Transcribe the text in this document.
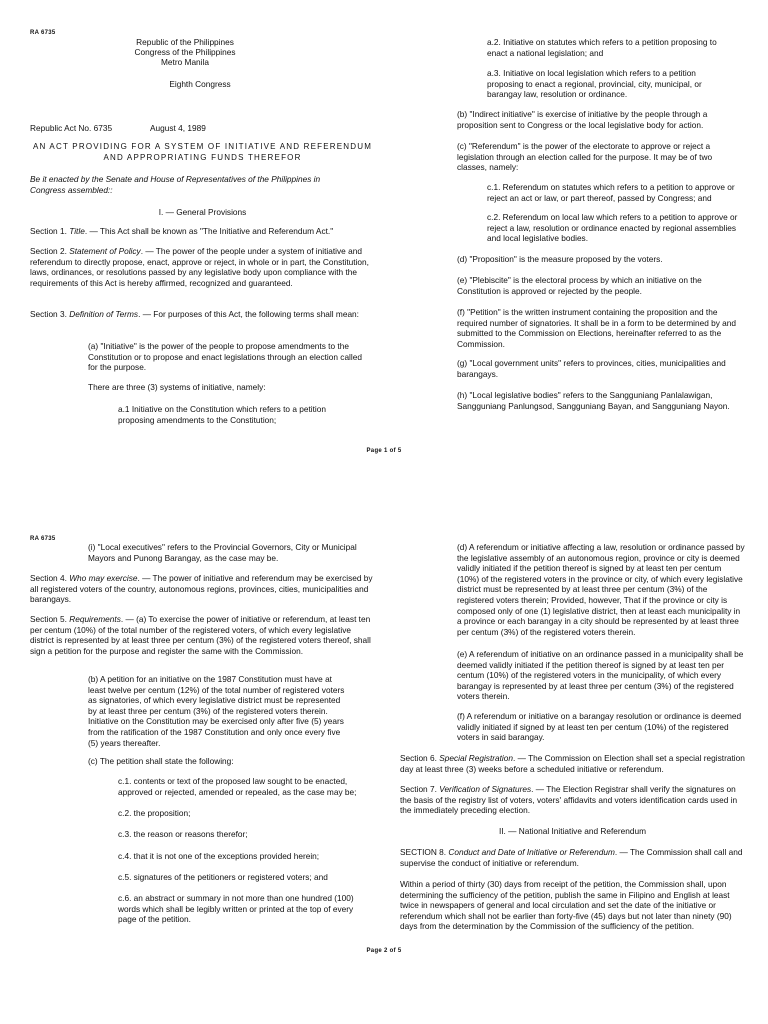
RA 6735
Republic of the Philippines
Congress of the Philippines
Metro Manila
Eighth Congress
Republic Act No. 6735	August 4, 1989
AN ACT PROVIDING FOR A SYSTEM OF INITIATIVE AND REFERENDUM AND APPROPRIATING FUNDS THEREFOR
Be it enacted by the Senate and House of Representatives of the Philippines in Congress assembled::
I. — General Provisions
Section 1. Title. — This Act shall be known as "The Initiative and Referendum Act."
Section 2. Statement of Policy. — The power of the people under a system of initiative and referendum to directly propose, enact, approve or reject, in whole or in part, the Constitution, laws, ordinances, or resolutions passed by any legislative body upon compliance with the requirements of this Act is hereby affirmed, recognized and guaranteed.
Section 3. Definition of Terms. — For purposes of this Act, the following terms shall mean:
(a) "Initiative" is the power of the people to propose amendments to the Constitution or to propose and enact legislations through an election called for the purpose.
There are three (3) systems of initiative, namely:
a.1 Initiative on the Constitution which refers to a petition proposing amendments to the Constitution;
a.2. Initiative on statutes which refers to a petition proposing to enact a national legislation; and
a.3. Initiative on local legislation which refers to a petition proposing to enact a regional, provincial, city, municipal, or barangay law, resolution or ordinance.
(b) "Indirect initiative" is exercise of initiative by the people through a proposition sent to Congress or the local legislative body for action.
(c) "Referendum" is the power of the electorate to approve or reject a legislation through an election called for the purpose. It may be of two classes, namely:
c.1. Referendum on statutes which refers to a petition to approve or reject an act or law, or part thereof, passed by Congress; and
c.2. Referendum on local law which refers to a petition to approve or reject a law, resolution or ordinance enacted by regional assemblies and local legislative bodies.
(d) "Proposition" is the measure proposed by the voters.
(e) "Plebiscite" is the electoral process by which an initiative on the Constitution is approved or rejected by the people.
(f) "Petition" is the written instrument containing the proposition and the required number of signatories. It shall be in a form to be determined by and submitted to the Commission on Elections, hereinafter referred to as the Commission.
(g) "Local government units" refers to provinces, cities, municipalities and barangays.
(h) "Local legislative bodies" refers to the Sangguniang Panlalawigan, Sangguniang Panlungsod, Sangguniang Bayan, and Sangguniang Nayon.
Page 1 of 5
RA 6735
(i) "Local executives" refers to the Provincial Governors, City or Municipal Mayors and Punong Barangay, as the case may be.
Section 4. Who may exercise. — The power of initiative and referendum may be exercised by all registered voters of the country, autonomous regions, provinces, cities, municipalities and barangays.
Section 5. Requirements. — (a) To exercise the power of initiative or referendum, at least ten per centum (10%) of the total number of the registered voters, of which every legislative district is represented by at least three per centum (3%) of the registered voters thereof, shall sign a petition for the purpose and register the same with the Commission.
(b) A petition for an initiative on the 1987 Constitution must have at least twelve per centum (12%) of the total number of registered voters as signatories, of which every legislative district must be represented by at least three per centum (3%) of the registered voters therein. Initiative on the Constitution may be exercised only after five (5) years from the ratification of the 1987 Constitution and only once every five (5) years thereafter.
(c) The petition shall state the following:
c.1. contents or text of the proposed law sought to be enacted, approved or rejected, amended or repealed, as the case may be;
c.2. the proposition;
c.3. the reason or reasons therefor;
c.4. that it is not one of the exceptions provided herein;
c.5. signatures of the petitioners or registered voters; and
c.6. an abstract or summary in not more than one hundred (100) words which shall be legibly written or printed at the top of every page of the petition.
(d) A referendum or initiative affecting a law, resolution or ordinance passed by the legislative assembly of an autonomous region, province or city is deemed validly initiated if the petition thereof is signed by at least ten per centum (10%) of the registered voters in the province or city, of which every legislative district must be represented by at least three per centum (3%) of the registered voters therein; Provided, however, That if the province or city is composed only of one (1) legislative district, then at least each municipality in a province or each barangay in a city should be represented by at least three per centum (3%) of the registered voters therein.
(e) A referendum of initiative on an ordinance passed in a municipality shall be deemed validly initiated if the petition thereof is signed by at least ten per centum (10%) of the registered voters in the municipality, of which every barangay is represented by at least three per centum (3%) of the registered voters therein.
(f) A referendum or initiative on a barangay resolution or ordinance is deemed validly initiated if signed by at least ten per centum (10%) of the registered voters in said barangay.
Section 6. Special Registration. — The Commission on Election shall set a special registration day at least three (3) weeks before a scheduled initiative or referendum.
Section 7. Verification of Signatures. — The Election Registrar shall verify the signatures on the basis of the registry list of voters, voters' affidavits and voters identification cards used in the immediately preceding election.
II. — National Initiative and Referendum
SECTION 8. Conduct and Date of Initiative or Referendum. — The Commission shall call and supervise the conduct of initiative or referendum.
Within a period of thirty (30) days from receipt of the petition, the Commission shall, upon determining the sufficiency of the petition, publish the same in Filipino and English at least twice in newspapers of general and local circulation and set the date of the initiative or referendum which shall not be earlier than forty-five (45) days but not later than ninety (90) days from the determination by the Commission of the sufficiency of the petition.
Page 2 of 5
